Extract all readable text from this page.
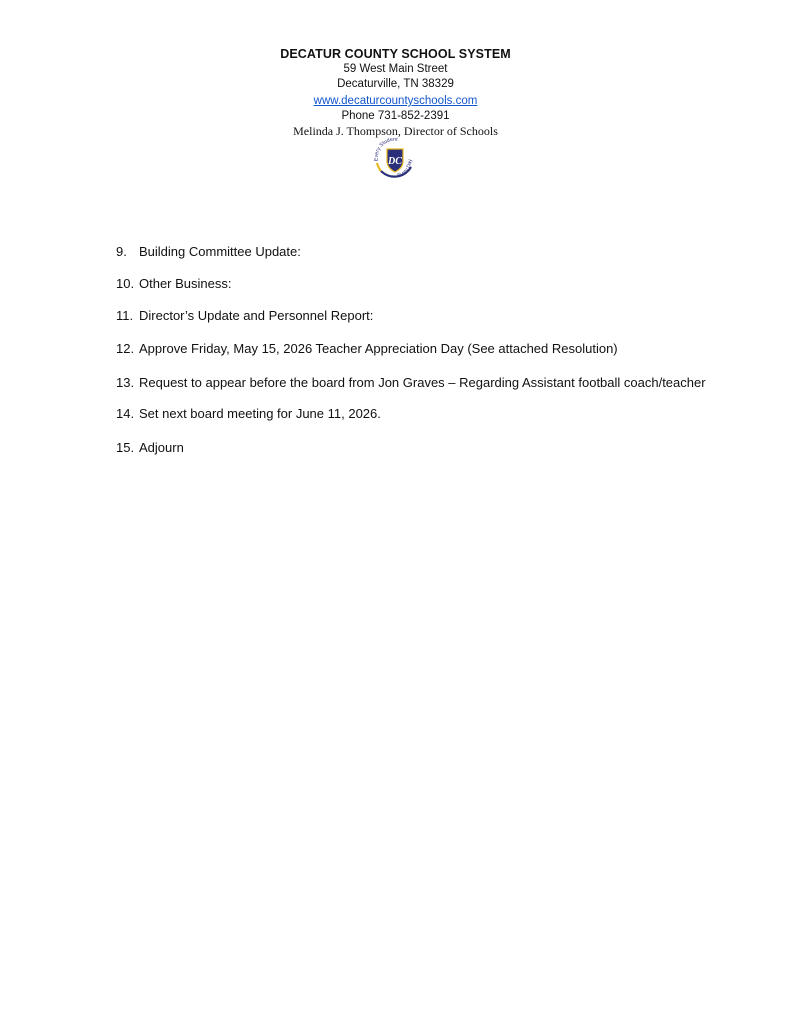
DECATUR COUNTY SCHOOL SYSTEM
59 West Main Street
Decaturville, TN 38329
www.decaturcountyschools.com
Phone 731-852-2391
Melinda J. Thompson, Director of Schools
Every Student
Every Day
DC
9. Building Committee Update:
10. Other Business:
11. Director’s Update and Personnel Report:
12. Approve Friday, May 15, 2026 Teacher Appreciation Day (See attached Resolution)
13. Request to appear before the board from Jon Graves – Regarding Assistant football coach/teacher
14. Set next board meeting for June 11, 2026.
15. Adjourn
